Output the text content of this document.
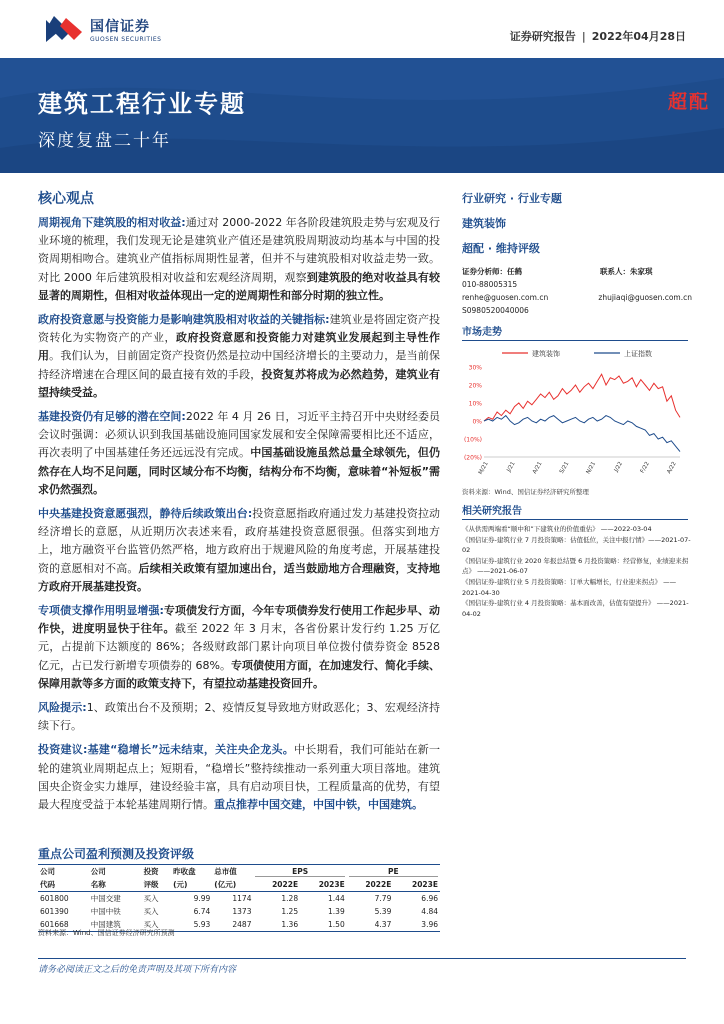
国信证券
GUOSEN SECURITIES	证券研究报告 | 2022年04月28日
建筑工程行业专题
深度复盘二十年
超配
核心观点

周期视角下建筑股的相对收益:通过对 2000-2022 年各阶段建筑股走势与宏观及行业环境的梳理，我们发现无论是建筑业产值还是建筑股周期波动均基本与中国的投资周期相吻合。建筑业产值指标周期性显著，但并不与建筑股相对收益走势一致。对比 2000 年后建筑股相对收益和宏观经济周期，观察到建筑股的绝对收益具有较显著的周期性，但相对收益体现出一定的逆周期性和部分时期的独立性。

政府投资意愿与投资能力是影响建筑股相对收益的关键指标:建筑业是将固定资产投资转化为实物资产的产业，政府投资意愿和投资能力对建筑业发展起到主导性作用。我们认为，目前固定资产投资仍然是拉动中国经济增长的主要动力，是当前保持经济增速在合理区间的最直接有效的手段，投资复苏将成为必然趋势，建筑业有望持续受益。

基建投资仍有足够的潜在空间:2022 年 4 月 26 日，习近平主持召开中央财经委员会议时强调：必须认识到我国基础设施同国家发展和安全保障需要相比还不适应，再次表明了中国基建任务还远远没有完成。中国基础设施虽然总量全球领先，但仍然存在人均不足问题，同时区域分布不均衡，结构分布不均衡，意味着“补短板”需求仍然强烈。

中央基建投资意愿强烈，静待后续政策出台:投资意愿指政府通过发力基建投资拉动经济增长的意愿，从近期历次表述来看，政府基建投资意愿很强。但落实到地方上，地方融资平台监管仍然严格，地方政府出于规避风险的角度考虑，开展基建投资的意愿相对不高。后续相关政策有望加速出台，适当鼓励地方合理融资，支持地方政府开展基建投资。

专项债支撑作用明显增强:专项债发行方面，今年专项债券发行使用工作起步早、动作快，进度明显快于往年。截至 2022 年 3 月末，各省份累计发行约 1.25 万亿元，占提前下达额度的 86%；各级财政部门累计向项目单位拨付债券资金 8528 亿元，占已发行新增专项债券的 68%。专项债使用方面，在加速发行、简化手续、保障用款等多方面的政策支持下，有望拉动基建投资回升。

风险提示:1、政策出台不及预期；2、疫情反复导致地方财政恶化；3、宏观经济持续下行。

投资建议:基建“稳增长”远未结束，关注央企龙头。中长期看，我们可能站在新一轮的建筑业周期起点上；短期看，“稳增长”整持续推动一系列重大项目落地。建筑国央企资金实力雄厚，建设经验丰富，具有启动项目快，工程质量高的优势，有望最大程度受益于本轮基建周期行情。重点推荐中国交建，中国中铁，中国建筑。

重点公司盈利预测及投资评级
公司	公司	投资	昨收盘	总市值	EPS		PE	

代码	名称	评级	(元)	(亿元)	2022E	2023E	2022E	2023E
601800	中国交建	买入	9.99	1174	1.28	1.44	7.79	6.96
601390	中国中铁	买入	6.74	1373	1.25	1.39	5.39	4.84
601668	中国建筑	买入	5.93	2487	1.36	1.50	4.37	3.96
资料来源：Wind、国信证券经济研究所预测
行业研究 · 行业专题
建筑装饰
超配 · 维持评级
证券分析师：任鹤	联系人：朱家琪
010-88005315
renhe@guosen.com.cn	zhujiaqi@guosen.com.cn
S0980520040006
市场走势
建筑装饰	上证指数
30%
20%
10%
0%
(10%)
(20%)
M/21	J/21	A/21	S/21	N/21	J/22	F/22	A/22
资料来源：Wind、国信证券经济研究所整理
相关研究报告
《从供需两端看“顺中和”下建筑业的价值重估》 ——2022-03-04
《国信证券-建筑行业 7 月投资策略：估值低位，关注中报行情》——2021-07-02
《国信证券-建筑行业 2020 年报总结暨 6 月投资策略：经营修复，业绩迎来拐点》 ——2021-06-07
《国信证券-建筑行业 5 月投资策略：订单大幅增长，行业迎来拐点》 ——2021-04-30
《国信证券-建筑行业 4 月投资策略：基本面改善，估值有望提升》 ——2021-04-02
请务必阅读正文之后的免责声明及其项下所有内容
